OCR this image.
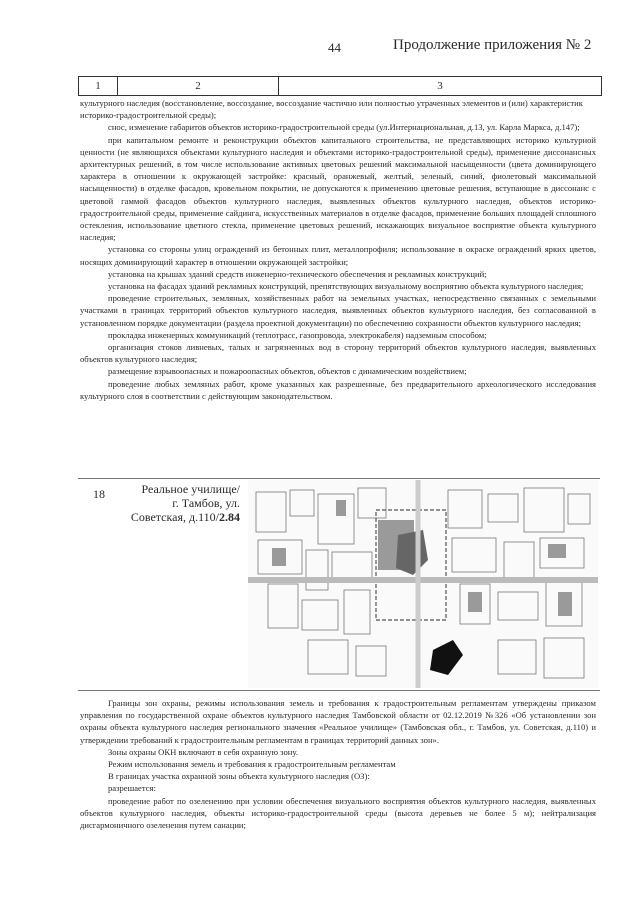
44	Продолжение приложения № 2
1	2	3

культурного наследия (восстановление, воссоздание, воссоздание частично или полностью утраченных элементов и (или) характеристик

историко-градостроительной среды);

снос, изменение габаритов объектов историко-градостроительной среды (ул.Интернациональная, д.13, ул. Карла Маркса, д.147);

при капитальном ремонте и реконструкции объектов капитального строительства, не представляющих историко культурной ценности (не являющихся объектами культурного наследия и объектами историко-градостроительной среды), применение диссонансных архитектурных решений, в том числе использование активных цветовых решений максимальной насыщенности (цвета доминирующего характера в отношении к окружающей застройке: красный, оранжевый, желтый, зеленый, синий, фиолетовый максимальной насыщенности) в отделке фасадов, кровельном покрытии, не допускаются к применению цветовые решения, вступающие в диссонанс с цветовой гаммой фасадов объектов культурного наследия, выявленных объектов культурного наследия, объектов историко-градостроительной среды, применение сайдинга, искусственных материалов в отделке фасадов, применение больших площадей сплошного остекления, использование цветного стекла, применение цветовых решений, искажающих визуальное восприятие объекта культурного наследия;

установка со стороны улиц ограждений из бетонных плит, металлопрофиля; использование в окраске ограждений ярких цветов, носящих доминирующий характер в отношении окружающей застройки;

установка на крышах зданий средств инженерно-технического обеспечения и рекламных конструкций;

установка на фасадах зданий рекламных конструкций, препятствующих визуальному восприятию объекта культурного наследия;

проведение строительных, земляных, хозяйственных работ на земельных участках, непосредственно связанных с земельными участками в границах территорий объектов культурного наследия, выявленных объектов культурного наследия, без согласованной в установленном порядке документации (раздела проектной документации) по обеспечению сохранности объектов культурного наследия;

прокладка инженерных коммуникаций (теплотрасс, газопровода, электрокабеля) надземным способом;

организация стоков ливневых, талых и загрязненных вод в сторону территорий объектов культурного наследия, выявленных объектов культурного наследия;

размещение взрывоопасных и пожароопасных объектов, объектов с динамическим воздействием;

проведение любых земляных работ, кроме указанных как разрешенные, без предварительного археологического исследования культурного слоя в соответствии с действующим законодательством.

18	Реальное училище/
г. Тамбов, ул.
Советская, д.110/2.84

Границы зон охраны, режимы использования земель и требования к градостроительным регламентам утверждены приказом управления по государственной охране объектов культурного наследия Тамбовской области от 02.12.2019 №326 «Об установлении зон охраны объекта культурного наследия регионального значения «Реальное училище» (Тамбовская обл., г. Тамбов, ул. Советская, д.110) и утверждении требований к градостроительным регламентам в границах территорий данных зон».

Зоны охраны ОКН включают в себя охранную зону.

Режим использования земель и требования к градостроительным регламентам

В границах участка охранной зоны объекта культурного наследия (ОЗ):

разрешается:

проведение работ по озеленению при условии обеспечения визуального восприятия объектов культурного наследия, выявленных объектов культурного наследия, объекты историко-градостроительной среды (высота деревьев не более 5 м); нейтрализация дисгармоничного озеленения путем санации;
